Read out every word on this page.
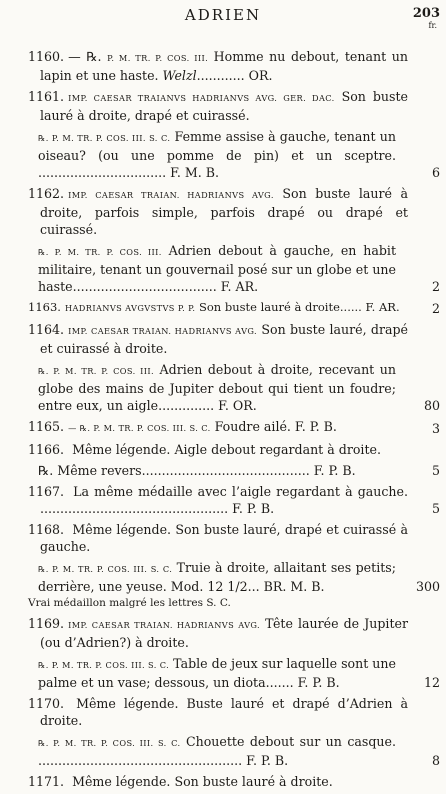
ADRIEN	203
fr.
1160. — ℞. P. M. TR. P. COS. III. Homme nu debout, tenant un lapin et une haste. Welzl............ OR.
1161. IMP. CAESAR TRAIANVS HADRIANVS AVG. GER. DAC. Son buste lauré à droite, drapé et cuirassé.
℞. P. M. TR. P. COS. III. S. C. Femme assise à gauche, tenant un oiseau? (ou une pomme de pin) et un sceptre. ................................ F. M. B.	6
1162. IMP. CAESAR TRAIAN. HADRIANVS AVG. Son buste lauré à droite, parfois simple, parfois drapé ou drapé et cuirassé.
℞. P. M. TR. P. COS. III. Adrien debout à gauche, en habit militaire, tenant un gouvernail posé sur un globe et une haste.................................... F. AR.	2
1163. HADRIANVS AVGVSTVS P. P. Son buste lauré à droite...... F. AR.	2
1164. IMP. CAESAR TRAIAN. HADRIANVS AVG. Son buste lauré, drapé et cuirassé à droite.
℞. P. M. TR. P. COS. III. Adrien debout à droite, recevant un globe des mains de Jupiter debout qui tient un foudre; entre eux, un aigle.............. F. OR.	80
1165. — ℞. P. M. TR. P. COS. III. S. C. Foudre ailé. F. P. B.	3
1166. Même légende. Aigle debout regardant à droite.
℞. Même revers.......................................... F. P. B.	5
1167. La même médaille avec l’aigle regardant à gauche. ............................................... F. P. B.	5
1168. Même légende. Son buste lauré, drapé et cuirassé à gauche.
℞. P. M. TR. P. COS. III. S. C. Truie à droite, allaitant ses petits; derrière, une yeuse. Mod. 12 1/2... BR. M. B.	300
Vrai médaillon malgré les lettres S. C.
1169. IMP. CAESAR TRAIAN. HADRIANVS AVG. Tête laurée de Jupiter (ou d’Adrien?) à droite.
℞. P. M. TR. P. COS. III. S. C. Table de jeux sur laquelle sont une palme et un vase; dessous, un diota....... F. P. B.	12
1170. Même légende. Buste lauré et drapé d’Adrien à droite.
℞. P. M. TR. P. COS. III. S. C. Chouette debout sur un casque. ................................................... F. P. B.	8
1171. Même légende. Son buste lauré à droite.
